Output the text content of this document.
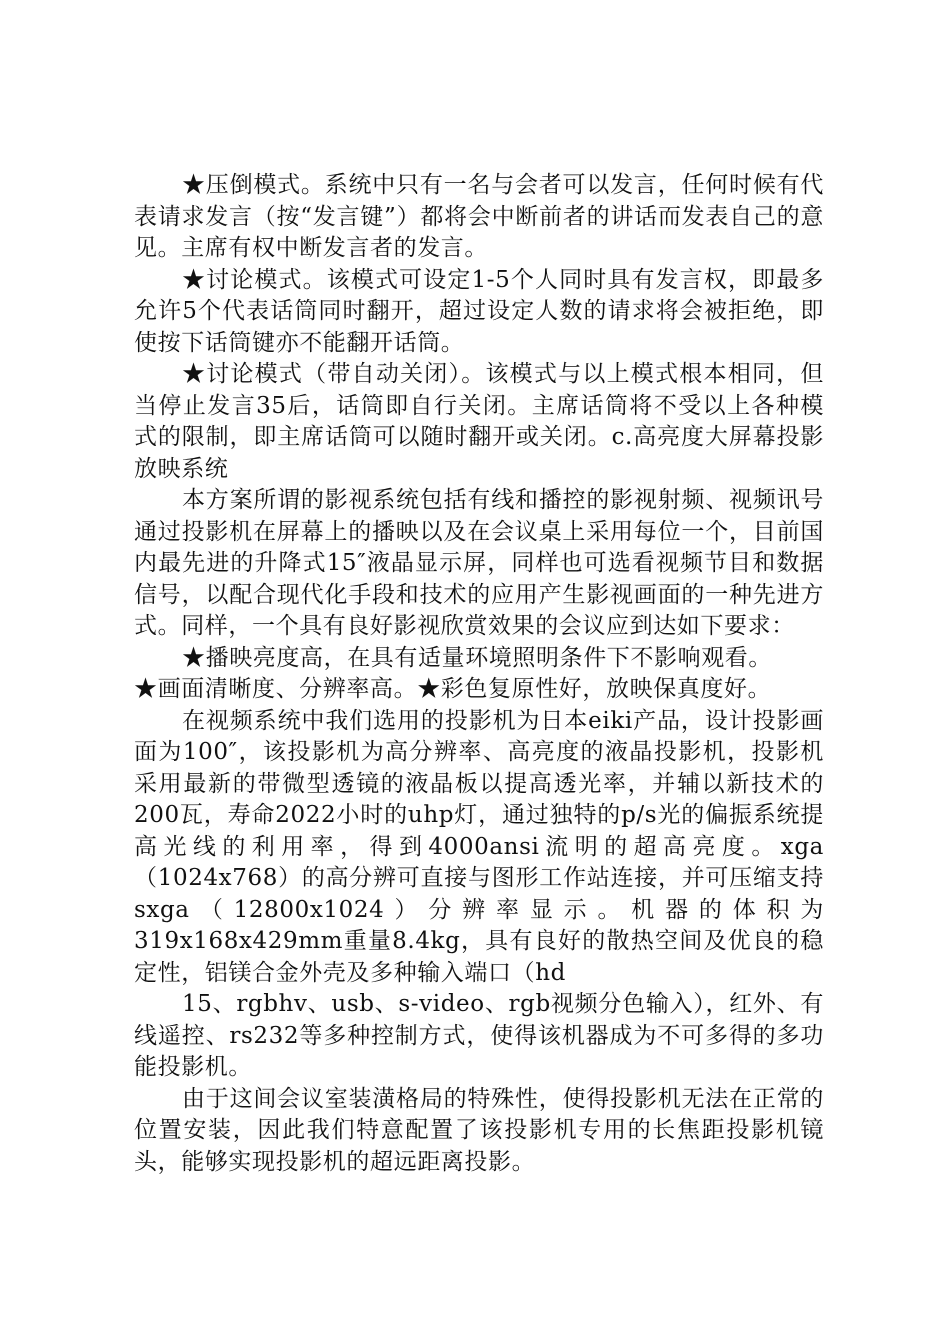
★压倒模式。系统中只有一名与会者可以发言，任何时候有代表请求发言（按“发言键”）都将会中断前者的讲话而发表自己的意见。主席有权中断发言者的发言。

★讨论模式。该模式可设定1-5个人同时具有发言权，即最多允许5个代表话筒同时翻开，超过设定人数的请求将会被拒绝，即使按下话筒键亦不能翻开话筒。

★讨论模式（带自动关闭）。该模式与以上模式根本相同，但当停止发言35后，话筒即自行关闭。主席话筒将不受以上各种模式的限制，即主席话筒可以随时翻开或关闭。c.高亮度大屏幕投影放映系统

本方案所谓的影视系统包括有线和播控的影视射频、视频讯号通过投影机在屏幕上的播映以及在会议桌上采用每位一个，目前国内最先进的升降式15″液晶显示屏，同样也可选看视频节目和数据信号，以配合现代化手段和技术的应用产生影视画面的一种先进方式。同样，一个具有良好影视欣赏效果的会议应到达如下要求：

★播映亮度高，在具有适量环境照明条件下不影响观看。

★画面清晰度、分辨率高。★彩色复原性好，放映保真度好。

在视频系统中我们选用的投影机为日本eiki产品，设计投影画面为100″，该投影机为高分辨率、高亮度的液晶投影机，投影机采用最新的带微型透镜的液晶板以提高透光率，并辅以新技术的200瓦，寿命2022小时的uhp灯，通过独特的p/s光的偏振系统提高光线的利用率，得到4000ansi流明的超高亮度。xga（1024x768）的高分辨可直接与图形工作站连接，并可压缩支持sxga（12800x1024）分辨率显示。机器的体积为319x168x429mm重量8.4kg，具有良好的散热空间及优良的稳定性，铝镁合金外壳及多种输入端口（hd

15、rgbhv、usb、s-video、rgb视频分色输入），红外、有线遥控、rs232等多种控制方式，使得该机器成为不可多得的多功能投影机。

由于这间会议室装潢格局的特殊性，使得投影机无法在正常的位置安装，因此我们特意配置了该投影机专用的长焦距投影机镜头，能够实现投影机的超远距离投影。
